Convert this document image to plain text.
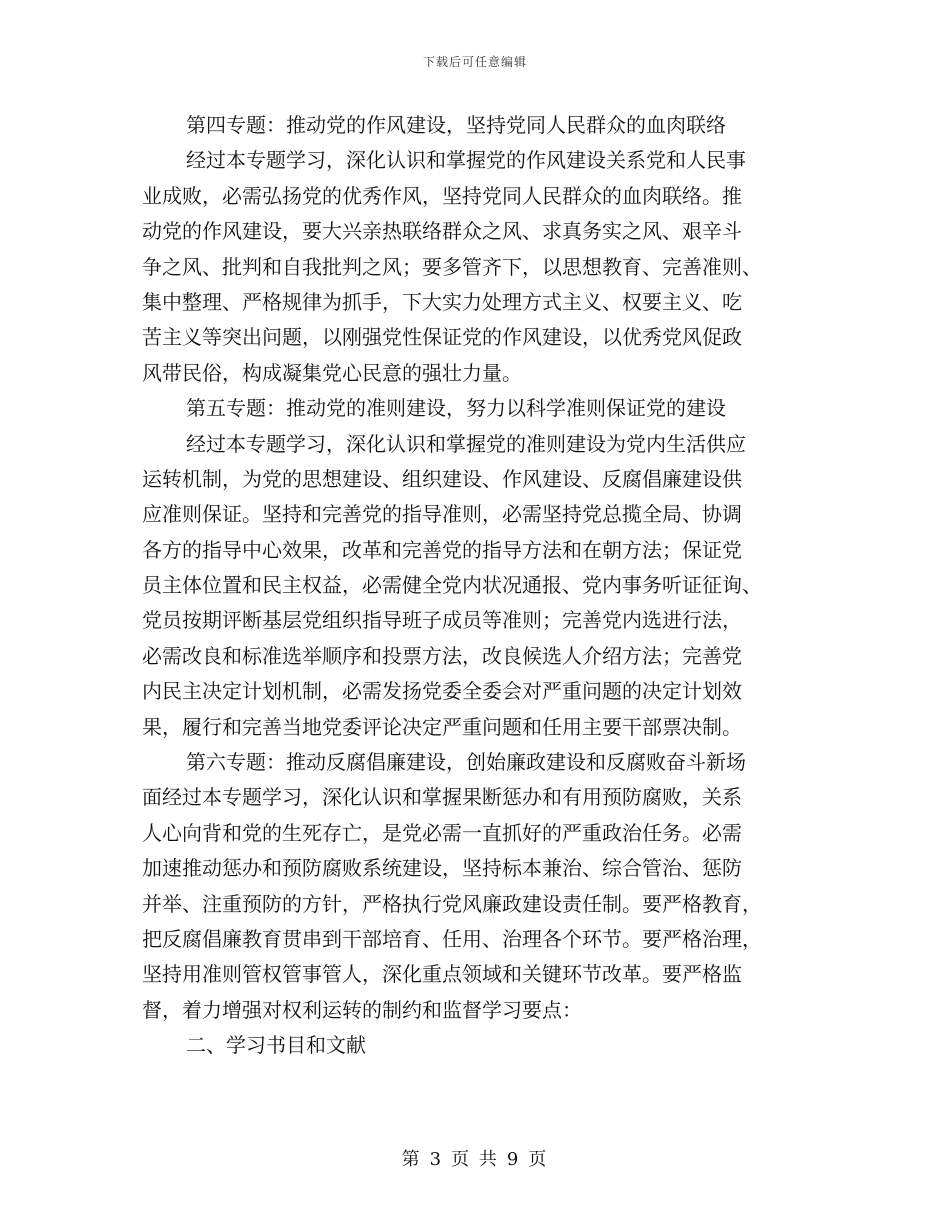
下载后可任意编辑
第四专题：推动党的作风建设，坚持党同人民群众的血肉联络
经过本专题学习，深化认识和掌握党的作风建设关系党和人民事
业成败，必需弘扬党的优秀作风，坚持党同人民群众的血肉联络。推
动党的作风建设，要大兴亲热联络群众之风、求真务实之风、艰辛斗
争之风、批判和自我批判之风；要多管齐下，以思想教育、完善准则、
集中整理、严格规律为抓手，下大实力处理方式主义、权要主义、吃
苦主义等突出问题，以刚强党性保证党的作风建设，以优秀党风促政
风带民俗，构成凝集党心民意的强壮力量。
第五专题：推动党的准则建设，努力以科学准则保证党的建设
经过本专题学习，深化认识和掌握党的准则建设为党内生活供应
运转机制，为党的思想建设、组织建设、作风建设、反腐倡廉建设供
应准则保证。坚持和完善党的指导准则，必需坚持党总揽全局、协调
各方的指导中心效果，改革和完善党的指导方法和在朝方法；保证党
员主体位置和民主权益，必需健全党内状况通报、党内事务听证征询、
党员按期评断基层党组织指导班子成员等准则；完善党内选进行法，
必需改良和标准选举顺序和投票方法，改良候选人介绍方法；完善党
内民主决定计划机制，必需发扬党委全委会对严重问题的决定计划效
果，履行和完善当地党委评论决定严重问题和任用主要干部票决制。
第六专题：推动反腐倡廉建设，创始廉政建设和反腐败奋斗新场
面经过本专题学习，深化认识和掌握果断惩办和有用预防腐败，关系
人心向背和党的生死存亡，是党必需一直抓好的严重政治任务。必需
加速推动惩办和预防腐败系统建设，坚持标本兼治、综合管治、惩防
并举、注重预防的方针，严格执行党风廉政建设责任制。要严格教育，
把反腐倡廉教育贯串到干部培育、任用、治理各个环节。要严格治理，
坚持用准则管权管事管人，深化重点领域和关键环节改革。要严格监
督，着力增强对权利运转的制约和监督学习要点：
二、学习书目和文献
第 3 页 共 9 页
